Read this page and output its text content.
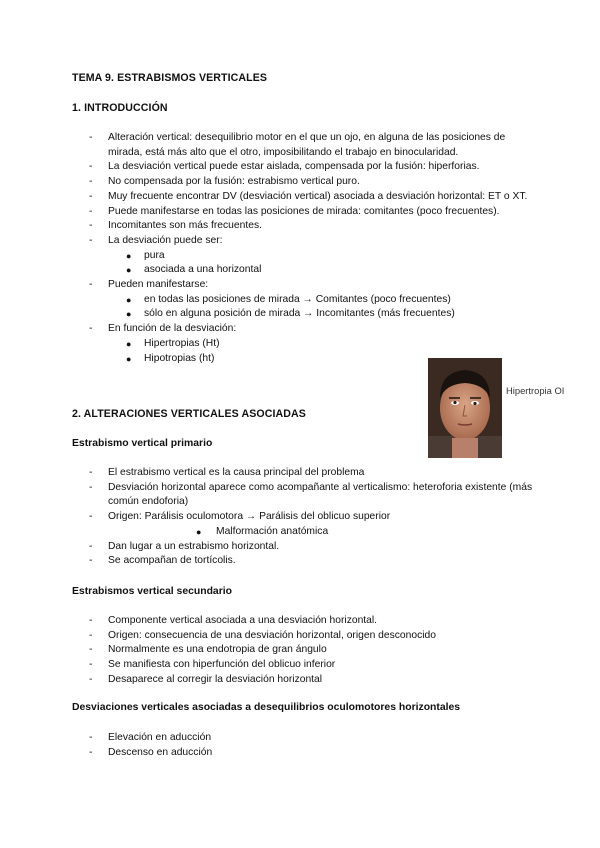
TEMA 9. ESTRABISMOS VERTICALES
1. INTRODUCCIÓN
- Alteración vertical: desequilibrio motor en el que un ojo, en alguna de las posiciones de mirada, está más alto que el otro, imposibilitando el trabajo en binocularidad.
- La desviación vertical puede estar aislada, compensada por la fusión: hiperforias.
- No compensada por la fusión: estrabismo vertical puro.
- Muy frecuente encontrar DV (desviación vertical) asociada a desviación horizontal: ET o XT.
- Puede manifestarse en todas las posiciones de mirada: comitantes (poco frecuentes).
- Incomitantes son más frecuentes.
- La desviación puede ser:
● pura
● asociada a una horizontal
- Pueden manifestarse:
● en todas las posiciones de mirada → Comitantes (poco frecuentes)
● sólo en alguna posición de mirada → Incomitantes (más frecuentes)
- En función de la desviación:
● Hipertropias (Ht)
● Hipotropias (ht)
Hipertropia OI
2. ALTERACIONES VERTICALES ASOCIADAS
Estrabismo vertical primario
- El estrabismo vertical es la causa principal del problema
- Desviación horizontal aparece como acompañante al verticalismo: heteroforia existente (más común endoforia)
- Origen: Parálisis oculomotora → Parálisis del oblicuo superior
● Malformación anatómica
- Dan lugar a un estrabismo horizontal.
- Se acompañan de tortícolis.
Estrabismos vertical secundario
- Componente vertical asociada a una desviación horizontal.
- Origen: consecuencia de una desviación horizontal, origen desconocido
- Normalmente es una endotropia de gran ángulo
- Se manifiesta con hiperfunción del oblicuo inferior
- Desaparece al corregir la desviación horizontal
Desviaciones verticales asociadas a desequilibrios oculomotores horizontales
- Elevación en aducción
- Descenso en aducción
